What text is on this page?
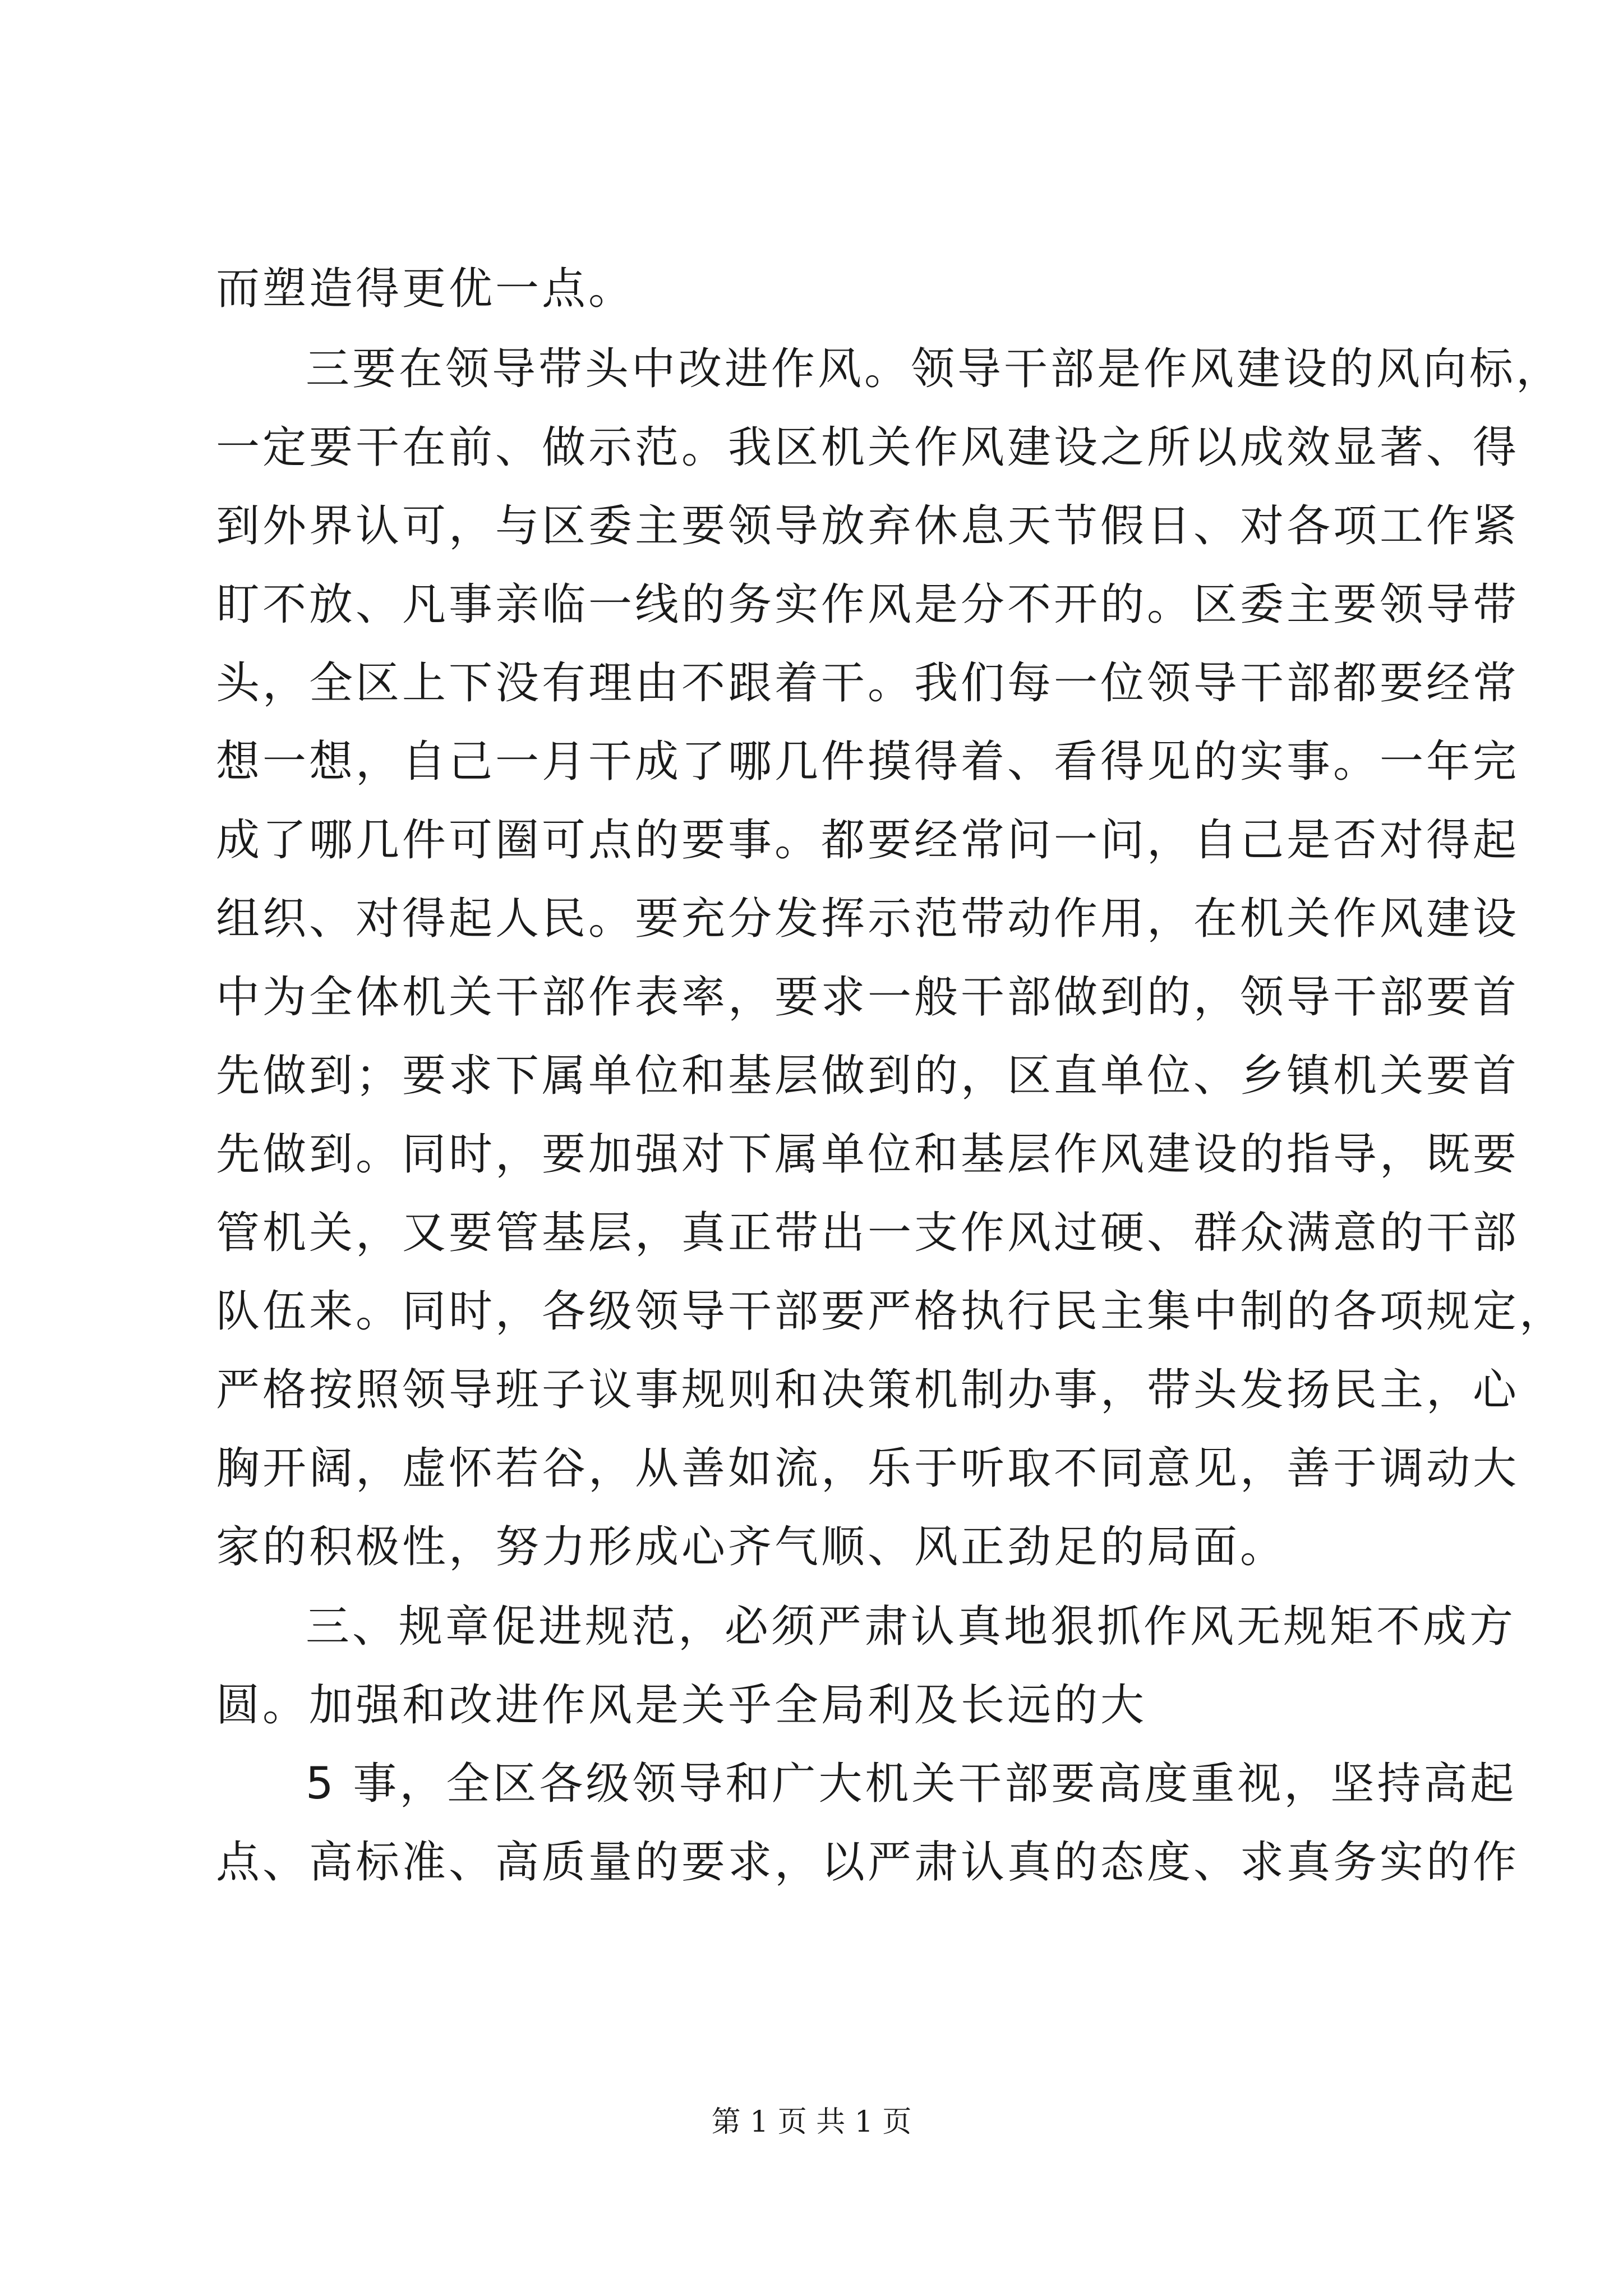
而塑造得更优一点。
三要在领导带头中改进作风。领导干部是作风建设的风向标，
一定要干在前、做示范。我区机关作风建设之所以成效显著、得
到外界认可，与区委主要领导放弃休息天节假日、对各项工作紧
盯不放、凡事亲临一线的务实作风是分不开的。区委主要领导带
头，全区上下没有理由不跟着干。我们每一位领导干部都要经常
想一想，自己一月干成了哪几件摸得着、看得见的实事。一年完
成了哪几件可圈可点的要事。都要经常问一问，自己是否对得起
组织、对得起人民。要充分发挥示范带动作用，在机关作风建设
中为全体机关干部作表率，要求一般干部做到的，领导干部要首
先做到；要求下属单位和基层做到的，区直单位、乡镇机关要首
先做到。同时，要加强对下属单位和基层作风建设的指导，既要
管机关，又要管基层，真正带出一支作风过硬、群众满意的干部
队伍来。同时，各级领导干部要严格执行民主集中制的各项规定，
严格按照领导班子议事规则和决策机制办事，带头发扬民主，心
胸开阔，虚怀若谷，从善如流，乐于听取不同意见，善于调动大
家的积极性，努力形成心齐气顺、风正劲足的局面。
三、规章促进规范，必须严肃认真地狠抓作风无规矩不成方
圆。加强和改进作风是关乎全局利及长远的大
5 事，全区各级领导和广大机关干部要高度重视，坚持高起
点、高标准、高质量的要求，以严肃认真的态度、求真务实的作
第 1 页 共 1 页
